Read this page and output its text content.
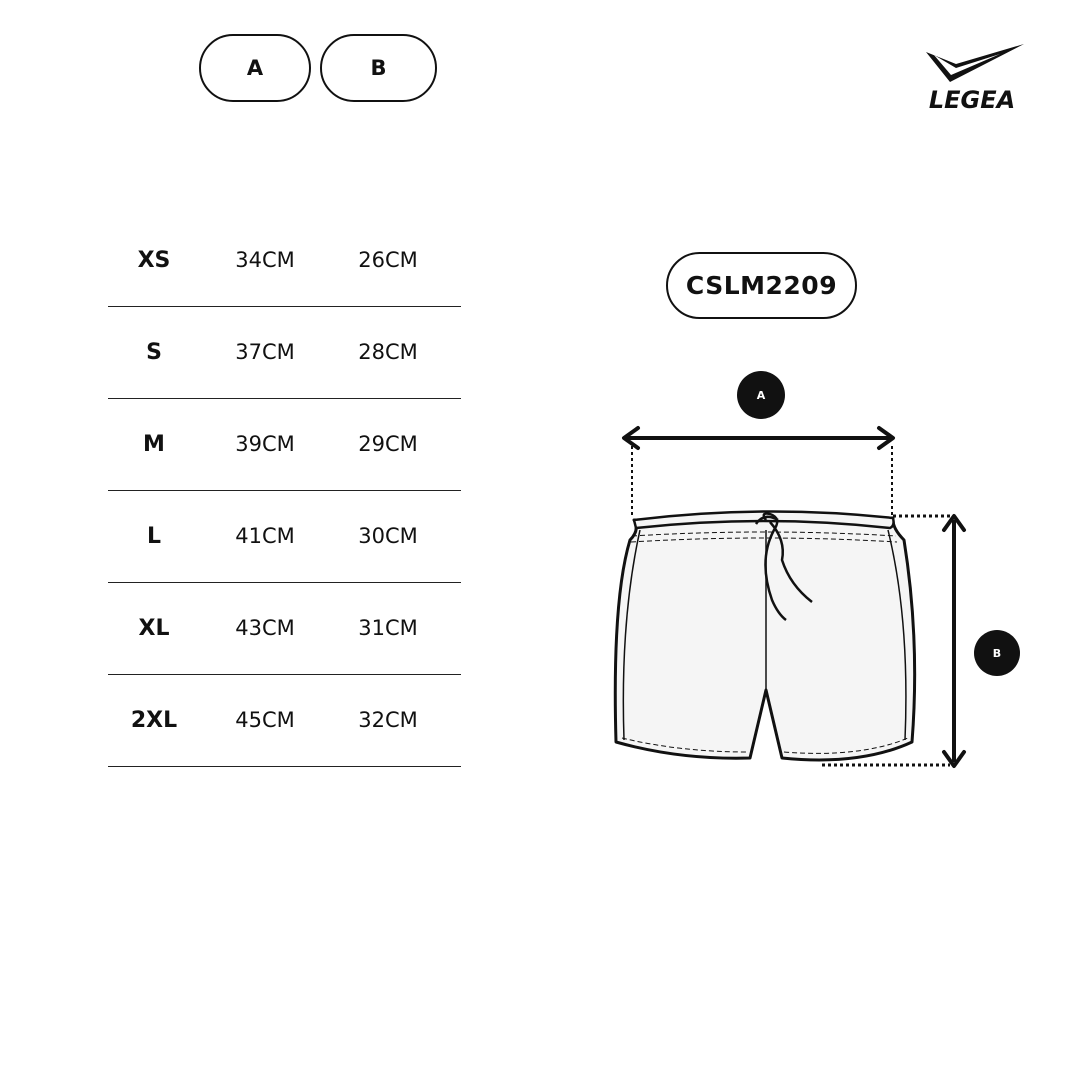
A	B
LEGEA
XS	34CM	26CM
S	37CM	28CM
M	39CM	29CM
L	41CM	30CM
XL	43CM	31CM
2XL	45CM	32CM
CSLM2209
A
B
